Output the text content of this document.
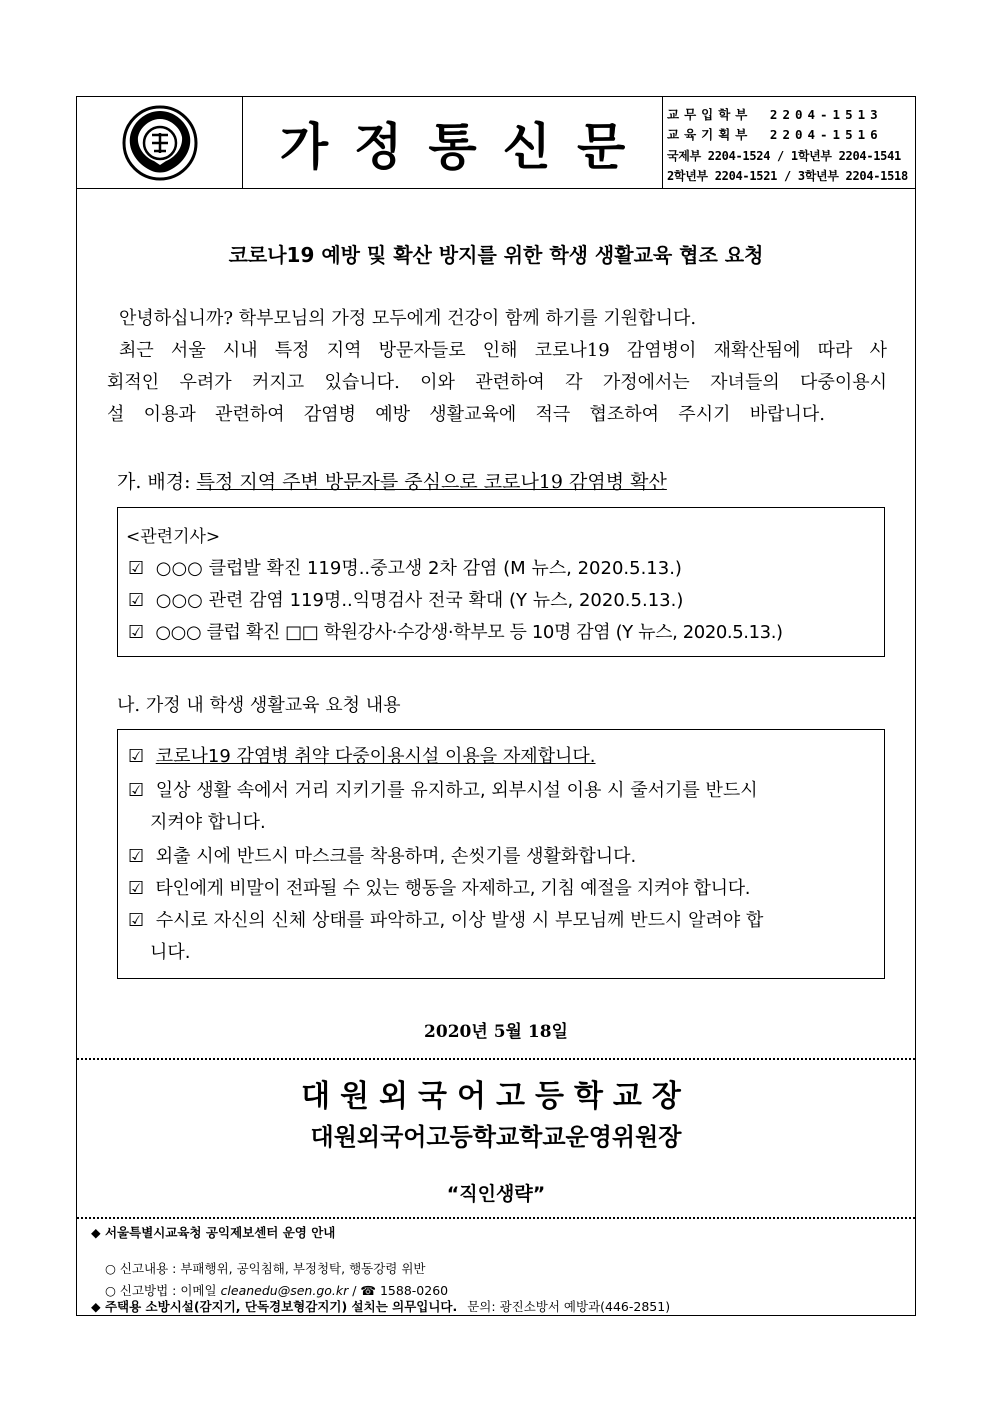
가정통신문
교무입학부 2204-1513
교육기획부 2204-1516
국제부 2204-1524 / 1학년부 2204-1541
2학년부 2204-1521 / 3학년부 2204-1518
코로나19 예방 및 확산 방지를 위한 학생 생활교육 협조 요청
안녕하십니까? 학부모님의 가정 모두에게 건강이 함께 하기를 기원합니다.
최근 서울 시내 특정 지역 방문자들로 인해 코로나19 감염병이 재확산됨에 따라 사
회적인 우려가 커지고 있습니다. 이와 관련하여 각 가정에서는 자녀들의 다중이용시
설 이용과 관련하여 감염병 예방 생활교육에 적극 협조하여 주시기 바랍니다.
가. 배경: 특정 지역 주변 방문자를 중심으로 코로나19 감염병 확산
<관련기사>
☑ ○○○ 클럽발 확진 119명..중고생 2차 감염 (M 뉴스, 2020.5.13.)
☑ ○○○ 관련 감염 119명..익명검사 전국 확대 (Y 뉴스, 2020.5.13.)
☑ ○○○ 클럽 확진 □□ 학원강사·수강생·학부모 등 10명 감염 (Y 뉴스, 2020.5.13.)
나. 가정 내 학생 생활교육 요청 내용
☑ 코로나19 감염병 취약 다중이용시설 이용을 자제합니다.
☑ 일상 생활 속에서 거리 지키기를 유지하고, 외부시설 이용 시 줄서기를 반드시
지켜야 합니다.
☑ 외출 시에 반드시 마스크를 착용하며, 손씻기를 생활화합니다.
☑ 타인에게 비말이 전파될 수 있는 행동을 자제하고, 기침 예절을 지켜야 합니다.
☑ 수시로 자신의 신체 상태를 파악하고, 이상 발생 시 부모님께 반드시 알려야 합
니다.
2020년 5월 18일
대원외국어고등학교장
대원외국어고등학교학교운영위원장
“직인생략”
◆ 서울특별시교육청 공익제보센터 운영 안내
○ 신고내용 : 부패행위, 공익침해, 부정청탁, 행동강령 위반
○ 신고방법 : 이메일 cleanedu@sen.go.kr / ☎ 1588-0260
◆ 주택용 소방시설(감지기, 단독경보형감지기) 설치는 의무입니다. 문의: 광진소방서 예방과(446-2851)
